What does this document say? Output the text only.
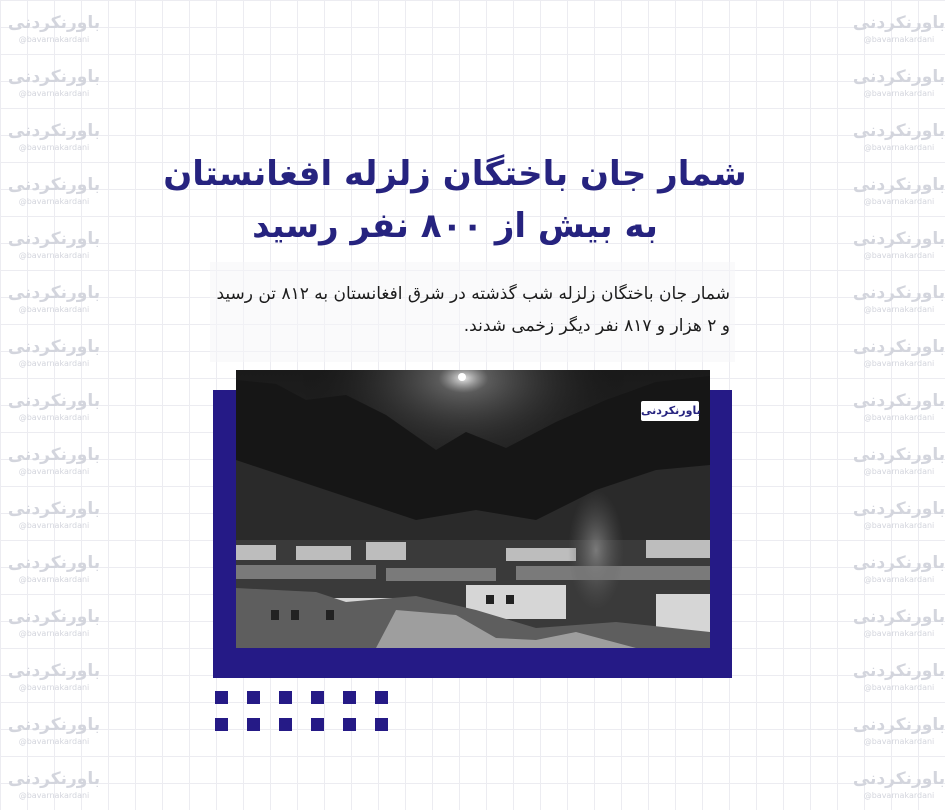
باورنکردنی
@bavarnakardani
باورنکردنی
@bavarnakardani
باورنکردنی
@bavarnakardani
باورنکردنی
@bavarnakardani
باورنکردنی
@bavarnakardani
باورنکردنی
@bavarnakardani
باورنکردنی
@bavarnakardani
باورنکردنی
@bavarnakardani
باورنکردنی
@bavarnakardani
باورنکردنی
@bavarnakardani
باورنکردنی
@bavarnakardani
باورنکردنی
@bavarnakardani
باورنکردنی
@bavarnakardani
باورنکردنی
@bavarnakardani
باورنکردنی
@bavarnakardani
باورنکردنی
@bavarnakardani
باورنکردنی
@bavarnakardani
باورنکردنی
@bavarnakardani
باورنکردنی
@bavarnakardani
باورنکردنی
@bavarnakardani
باورنکردنی
@bavarnakardani
باورنکردنی
@bavarnakardani
باورنکردنی
@bavarnakardani
باورنکردنی
@bavarnakardani
باورنکردنی
@bavarnakardani
باورنکردنی
@bavarnakardani
باورنکردنی
@bavarnakardani
باورنکردنی
@bavarnakardani
باورنکردنی
@bavarnakardani
باورنکردنی
@bavarnakardani
شمار جان باختگان زلزله افغانستان به بیش از ۸۰۰ نفر رسید

شمار جان باختگان زلزله شب گذشته در شرق افغانستان به ۸۱۲ تن رسید و ۲ هزار و ۸۱۷ نفر دیگر زخمی شدند.

باورنکردنی
